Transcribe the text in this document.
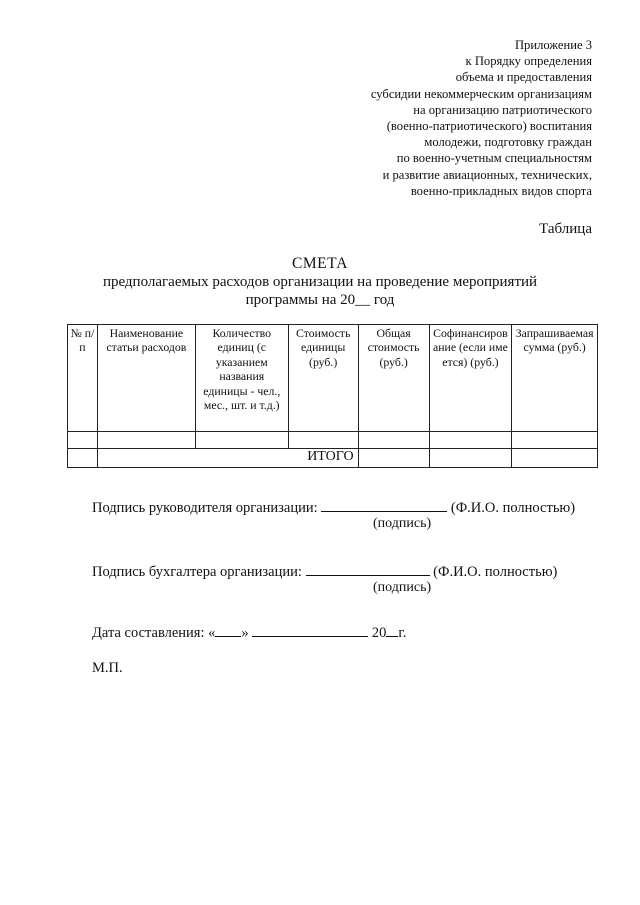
Приложение 3
к Порядку определения
объема и предоставления
субсидии некоммерческим организациям
на организацию патриотического
(военно-патриотического) воспитания
молодежи, подготовку граждан
по военно-учетным специальностям
и развитие авиационных, технических,
военно-прикладных видов спорта
Таблица
СМЕТА
предполагаемых расходов организации на проведение мероприятий
программы на 20__ год
№ п/п	Наименование статьи расходов	Количество единиц (с указанием названия единицы - чел., мес., шт. и т.д.)	Стоимость единицы (руб.)	Общая стоимость (руб.)	Софинансирование (если имеется) (руб.)	Запрашиваемая сумма (руб.)

	ИТОГО					
Подпись руководителя организации:	(Ф.И.О. полностью)
(подпись)
Подпись бухгалтера организации:	(Ф.И.О. полностью)
(подпись)
Дата составления: « »	20 г.
М.П.
